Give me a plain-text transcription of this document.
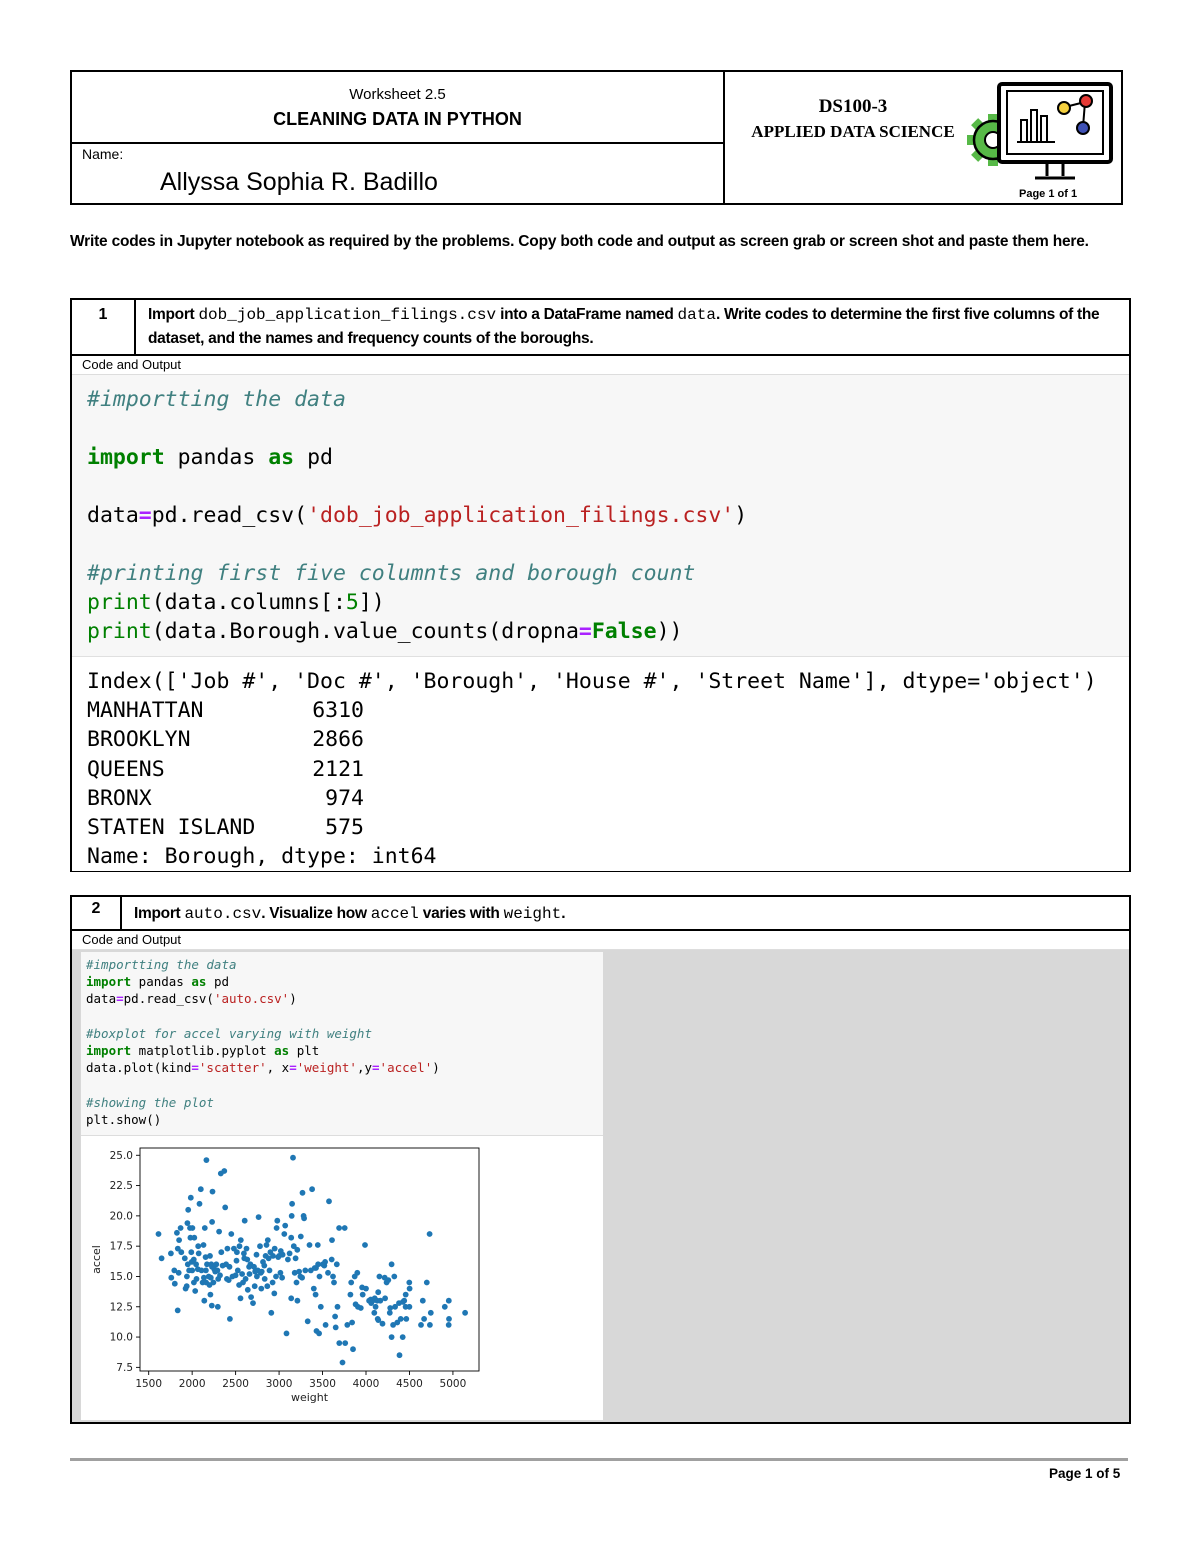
Worksheet 2.5
CLEANING DATA IN PYTHON
Name:
Allyssa Sophia R. Badillo
DS100-3
APPLIED DATA SCIENCE
Page 1 of 1
Write codes in Jupyter notebook as required by the problems. Copy both code and output as screen grab or screen shot and paste them here.
1	Import dob_job_application_filings.csv into a DataFrame named data. Write codes to determine the first five columns of the dataset, and the names and frequency counts of the boroughs.
Code and Output
#importting the data

import pandas as pd

data=pd.read_csv('dob_job_application_filings.csv')

#printing first five columnts and borough count
print(data.columns[:5])
print(data.Borough.value_counts(dropna=False))
Index(['Job #', 'Doc #', 'Borough', 'House #', 'Street Name'], dtype='object')
MANHATTAN	6310
BROOKLYN	2866
QUEENS	2121
BRONX	974
STATEN ISLAND	575
Name: Borough, dtype: int64
2	Import auto.csv. Visualize how accel varies with weight.
Code and Output
#importting the data
import pandas as pd
data=pd.read_csv('auto.csv')

#boxplot for accel varying with weight
import matplotlib.pyplot as plt
data.plot(kind='scatter', x='weight',y='accel')

#showing the plot
plt.show()
1500 2000 2500 3000 3500 4000 4500 5000
7.5
10.0
12.5
15.0
17.5
20.0
22.5
25.0
weight
accel
Page 1 of 5
